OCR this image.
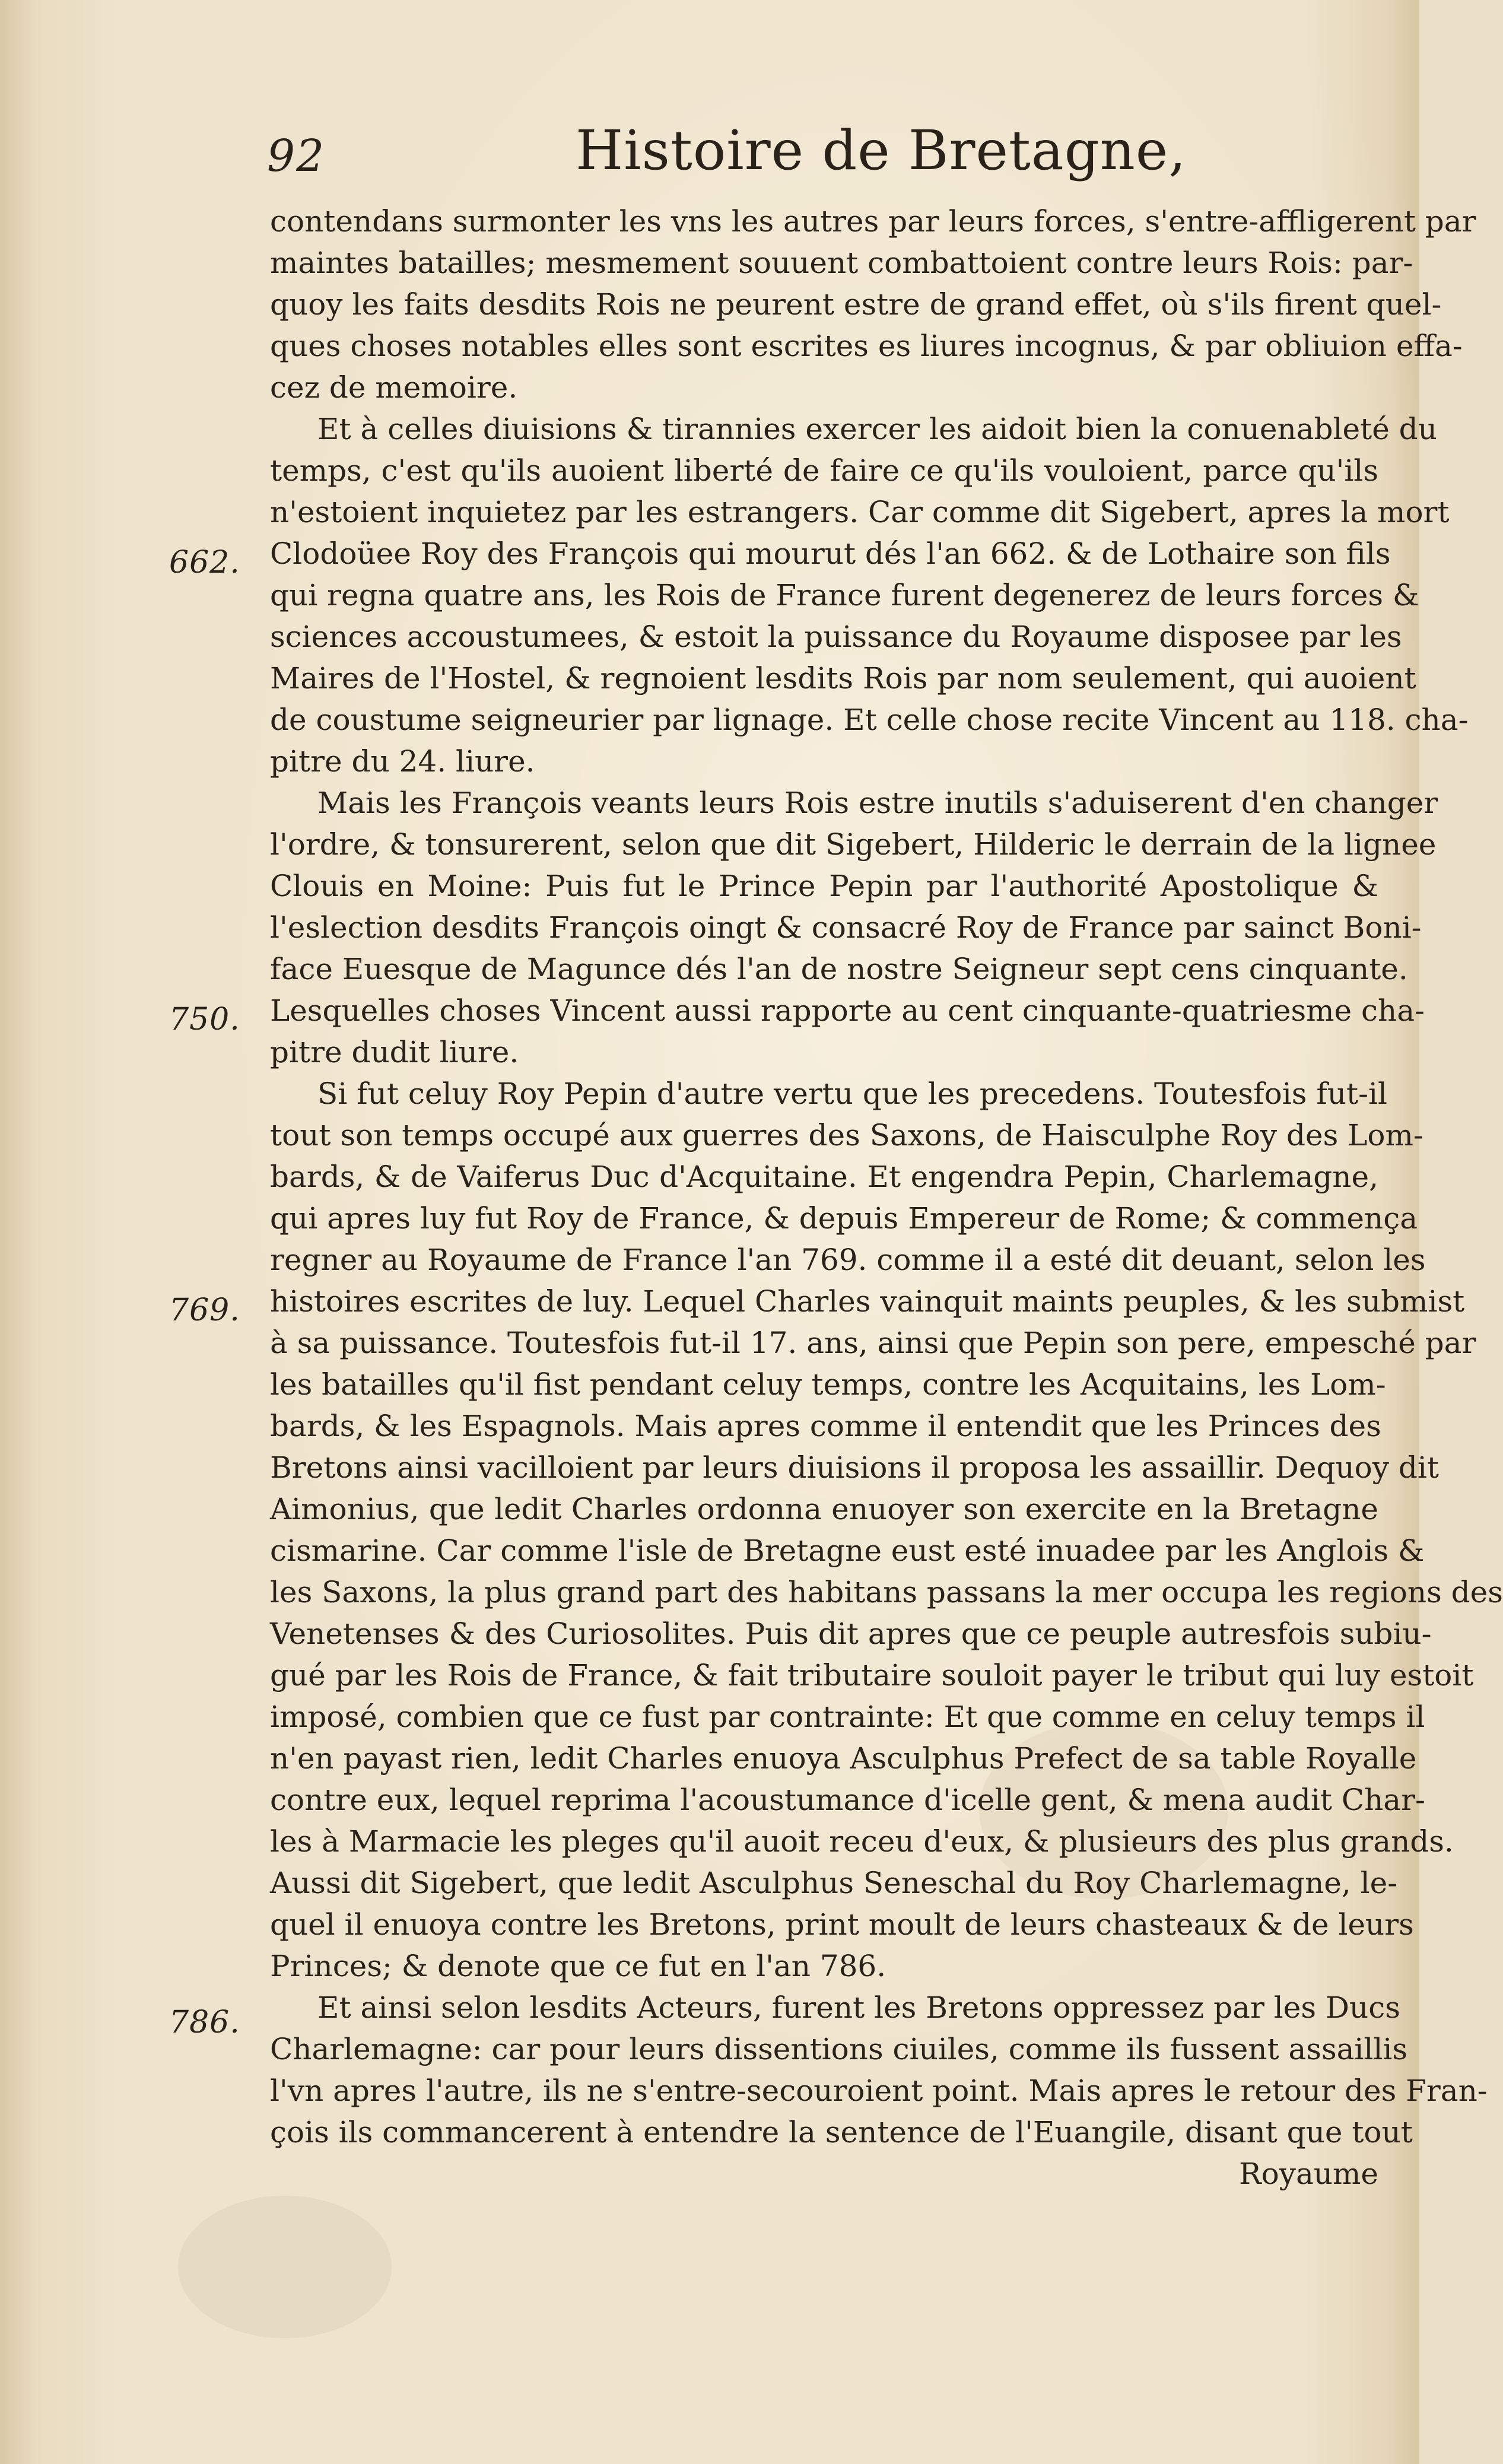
92	Histoire de Bretagne,
662.
750.
769.
786.
contendans surmonter les vns les autres par leurs forces, s'entre-affligerent par
maintes batailles; mesmement souuent combattoient contre leurs Rois: par-
quoy les faits desdits Rois ne peurent estre de grand effet, où s'ils firent quel-
ques choses notables elles sont escrites es liures incognus, & par obliuion effa-
cez de memoire.
Et à celles diuisions & tirannies exercer les aidoit bien la conuenableté du
temps, c'est qu'ils auoient liberté de faire ce qu'ils vouloient, parce qu'ils
n'estoient inquietez par les estrangers. Car comme dit Sigebert, apres la mort
Clodoüee Roy des François qui mourut dés l'an 662. & de Lothaire son fils
qui regna quatre ans, les Rois de France furent degenerez de leurs forces &
sciences accoustumees, & estoit la puissance du Royaume disposee par les
Maires de l'Hostel, & regnoient lesdits Rois par nom seulement, qui auoient
de coustume seigneurier par lignage. Et celle chose recite Vincent au 118. cha-
pitre du 24. liure.
Mais les François veants leurs Rois estre inutils s'aduiserent d'en changer
l'ordre, & tonsurerent, selon que dit Sigebert, Hilderic le derrain de la lignee
Clouis en Moine: Puis fut le Prince Pepin par l'authorité Apostolique &
l'eslection desdits François oingt & consacré Roy de France par sainct Boni-
face Euesque de Magunce dés l'an de nostre Seigneur sept cens cinquante.
Lesquelles choses Vincent aussi rapporte au cent cinquante-quatriesme cha-
pitre dudit liure.
Si fut celuy Roy Pepin d'autre vertu que les precedens. Toutesfois fut-il
tout son temps occupé aux guerres des Saxons, de Haisculphe Roy des Lom-
bards, & de Vaiferus Duc d'Acquitaine. Et engendra Pepin, Charlemagne,
qui apres luy fut Roy de France, & depuis Empereur de Rome; & commença
regner au Royaume de France l'an 769. comme il a esté dit deuant, selon les
histoires escrites de luy. Lequel Charles vainquit maints peuples, & les submist
à sa puissance. Toutesfois fut-il 17. ans, ainsi que Pepin son pere, empesché par
les batailles qu'il fist pendant celuy temps, contre les Acquitains, les Lom-
bards, & les Espagnols. Mais apres comme il entendit que les Princes des
Bretons ainsi vacilloient par leurs diuisions il proposa les assaillir. Dequoy dit
Aimonius, que ledit Charles ordonna enuoyer son exercite en la Bretagne
cismarine. Car comme l'isle de Bretagne eust esté inuadee par les Anglois &
les Saxons, la plus grand part des habitans passans la mer occupa les regions des
Venetenses & des Curiosolites. Puis dit apres que ce peuple autresfois subiu-
gué par les Rois de France, & fait tributaire souloit payer le tribut qui luy estoit
imposé, combien que ce fust par contrainte: Et que comme en celuy temps il
n'en payast rien, ledit Charles enuoya Asculphus Prefect de sa table Royalle
contre eux, lequel reprima l'acoustumance d'icelle gent, & mena audit Char-
les à Marmacie les pleges qu'il auoit receu d'eux, & plusieurs des plus grands.
Aussi dit Sigebert, que ledit Asculphus Seneschal du Roy Charlemagne, le-
quel il enuoya contre les Bretons, print moult de leurs chasteaux & de leurs
Princes; & denote que ce fut en l'an 786.
Et ainsi selon lesdits Acteurs, furent les Bretons oppressez par les Ducs
Charlemagne: car pour leurs dissentions ciuiles, comme ils fussent assaillis
l'vn apres l'autre, ils ne s'entre-secouroient point. Mais apres le retour des Fran-
çois ils commancerent à entendre la sentence de l'Euangile, disant que tout
Royaume
